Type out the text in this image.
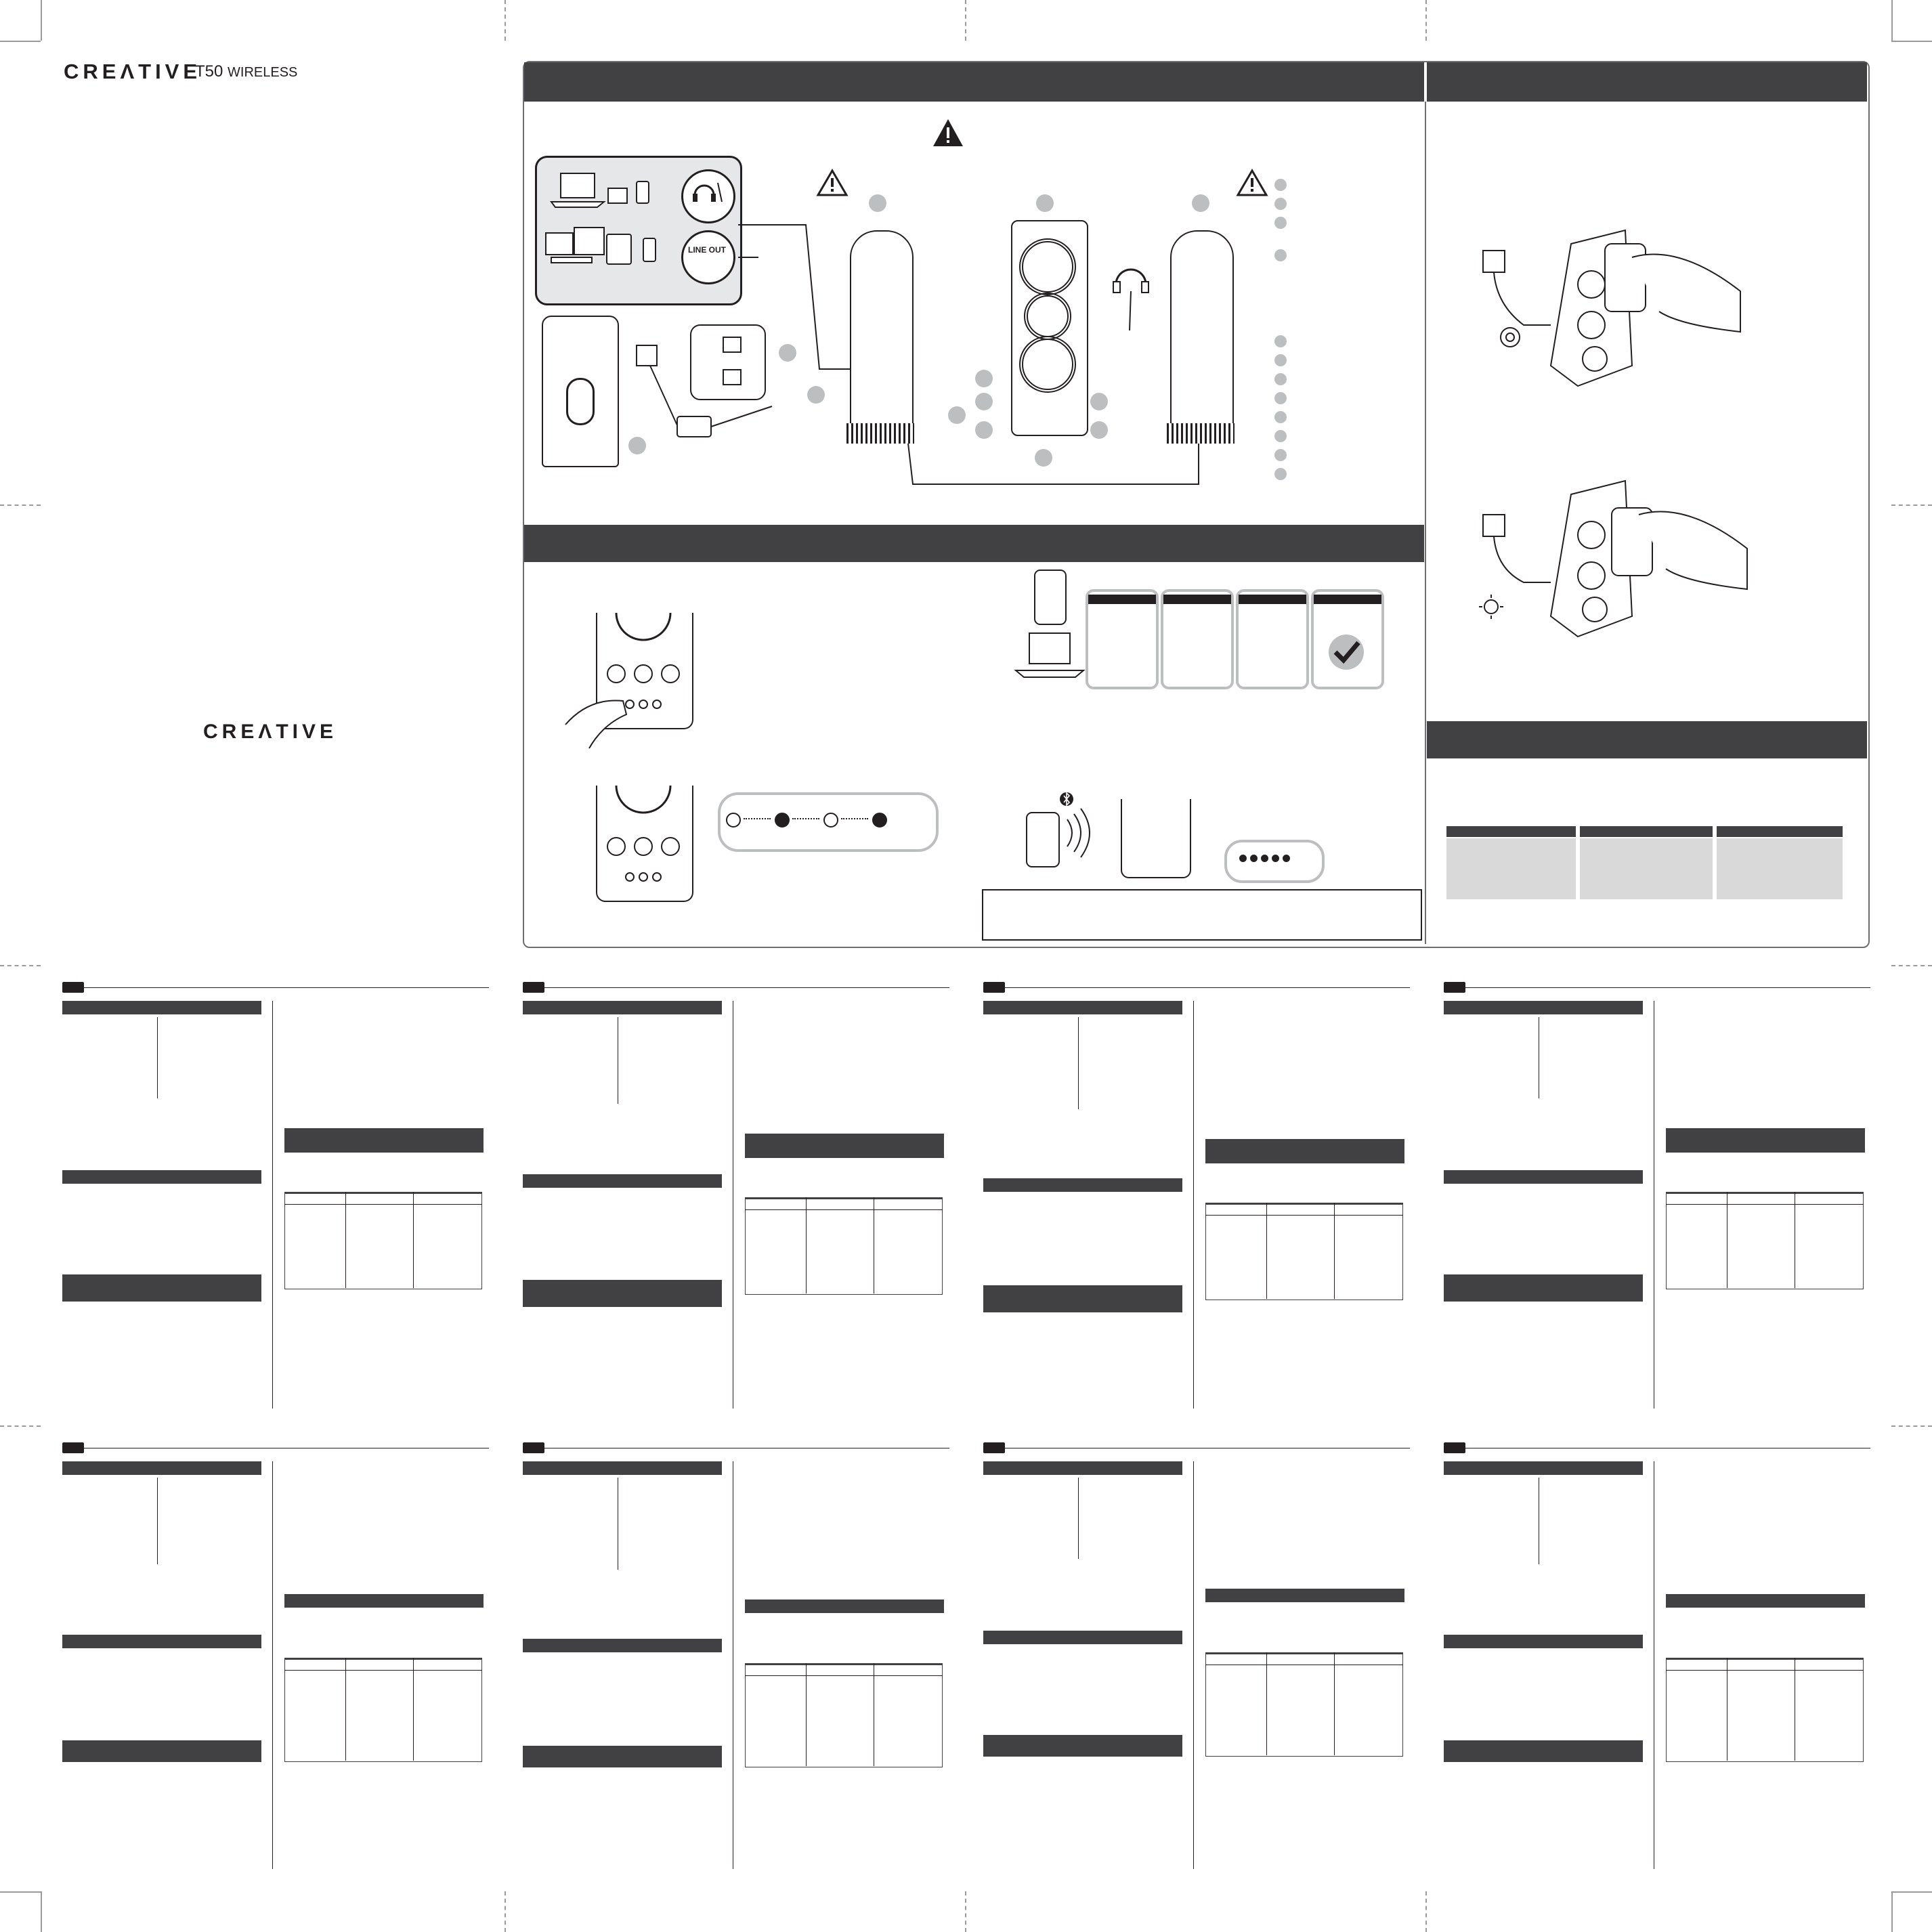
CREΛTIVE
T50 WIRELESS
CREΛTIVE
LINE OUT
